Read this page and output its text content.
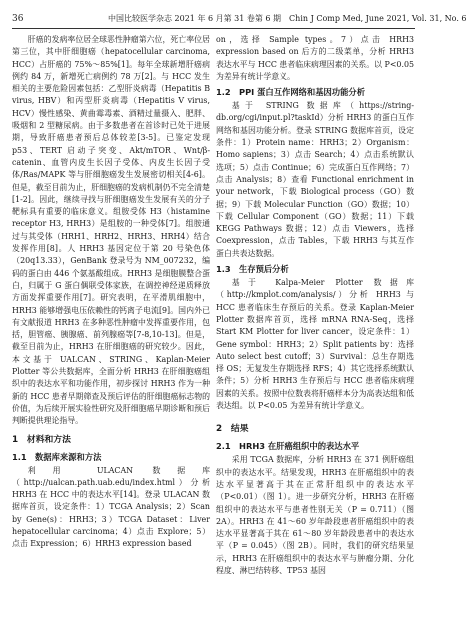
36	中国比较医学杂志 2021 年 6 月第 31 卷第 6 期　Chin J Comp Med, June 2021, Vol. 31, No. 6

肝癌的发病率位居全球恶性肿瘤第六位，死亡率位居第三位，其中肝细胞癌（hepatocellular carcinoma, HCC）占肝癌的 75%～85%[1]。每年全球新增肝癌病例约 84 万，新增死亡病例约 78 万[2]。与 HCC 发生相关的主要危险因素包括：乙型肝炎病毒（Hepatitis B virus, HBV）和丙型肝炎病毒（Hepatitis V virus, HCV）慢性感染、黄曲霉毒素、酒精过量摄入、肥胖、吸烟和 2 型糖尿病。由于多数患者在首诊时已处于进展期，导致肝癌患者预后总体较差[3-5]。已鉴定发现 p53、TERT 启动子突变、Akt/mTOR、Wnt/β-catenin、血管内皮生长因子受体、内皮生长因子受体/Ras/MAPK 等与肝细胞癌发生发展密切相关[4-6]。但是，截至目前为止，肝细胞癌的发病机制仍不完全清楚[1-2]。因此，继续寻找与肝细胞癌发生发展有关的分子靶标具有重要的临床意义。组胺受体 H3（histamine receptor H3, HRH3）是组胺的一种受体[7]。组胺通过与其受体（HRH1、HRH2、HRH3、HRH4）结合发挥作用[8]。人 HRH3 基因定位于第 20 号染色体（20q13.33），GenBank 登录号为 NM_007232，编码的蛋白由 446 个氨基酸组成。HRH3 是细胞膜整合蛋白，归属于 G 蛋白偶联受体家族，在调控神经递质释放方面发挥重要作用[7]。研究表明，在平滑肌细胞中，HRH3 能够增强电压依赖性的钙离子电流[9]。国内外已有文献报道 HRH3 在多种恶性肿瘤中发挥重要作用，包括，胆管癌、胰腺癌、前列腺癌等[7-8,10-13]。但是，截至目前为止，HRH3 在肝细胞癌的研究较少。因此，本文基于 UALCAN、STRING、Kaplan-Meier Plotter 等公共数据库，全面分析 HRH3 在肝细胞癌组织中的表达水平和功能作用，初步探讨 HRH3 作为一种新的 HCC 患者早期筛查及预后评估的肝细胞癌标志物的价值，为后续开展实验性研究及肝细胞癌早期诊断和预后判断提供理论指导。

1　材料和方法
1.1　数据库来源和方法

利用 ULACAN 数据库（http://ualcan.path.uab.edu/index.html）分析 HRH3 在 HCC 中的表达水平[14]。登录 ULACAN 数据库首页，设定条件：1）TCGA Analysis；2）Scan by Gene(s)：HRH3；3）TCGA Dataset：Liver hepatocellular carcinoma；4）点击 Explore；5）点击 Expression；6）HRH3 expression based

on，选择 Sample types。7）点击 HRH3 expression based on 后方的二级菜单，分析 HRH3 表达水平与 HCC 患者临床病理因素的关系。以 P<0.05 为差异有统计学意义。

1.2　PPI 蛋白互作网络和基因功能分析

基于 STRING 数据库（https://string-db.org/cgi/input.pl?taskId）分析 HRH3 的蛋白互作网络和基因功能分析。登录 STRING 数据库首页，设定条件：1）Protein name：HRH3；2）Organism：Homo sapiens；3）点击 Search；4）点击系统默认选项；5）点击 Continue；6）完成蛋白互作网络；7）点击 Analysis；8）查看 Functional enrichment in your network，下载 Biological process（GO）数据；9）下载 Molecular Function（GO）数据；10）下载 Cellular Component（GO）数据；11）下载 KEGG Pathways 数据；12）点击 Viewers，选择 Coexpression，点击 Tables，下载 HRH3 与其互作蛋白共表达数据。

1.3　生存预后分析

基于 Kalpa-Meier Plotter 数据库（http://kmplot.com/analysis/）分析 HRH3 与 HCC 患者临床生存预后的关系。登录 Kaplan-Meier Plotter 数据库首页，选择 mRNA RNA-Seq，选择 Start KM Plotter for liver cancer，设定条件：1）Gene symbol：HRH3；2）Split patients by：选择 Auto select best cutoff；3）Survival：总生存期选择 OS；无复发生存期选择 RFS；4）其它选择系统默认条件；5）分析 HRH3 生存预后与 HCC 患者临床病理因素的关系。按照中位数表将肝癌样本分为高表达组和低表达组。以 P<0.05 为差异有统计学意义。

2　结果
2.1　HRH3 在肝癌组织中的表达水平

采用 TCGA 数据库，分析 HRH3 在 371 例肝癌组织中的表达水平。结果发现，HRH3 在肝癌组织中的表达水平显著高于其在正常肝组织中的表达水平（P<0.01）（图 1）。进一步研究分析，HRH3 在肝癌组织中的表达水平与患者性别无关（P = 0.711）（图 2A）。HRH3 在 41～60 岁年龄段患者肝癌组织中的表达水平显著高于其在 61～80 岁年龄段患者中的表达水平（P = 0.045）（图 2B）。同时，我们的研究结果显示，HRH3 在肝癌组织中的表达水平与肿瘤分期、分化程度、淋巴结转移、TP53 基因
